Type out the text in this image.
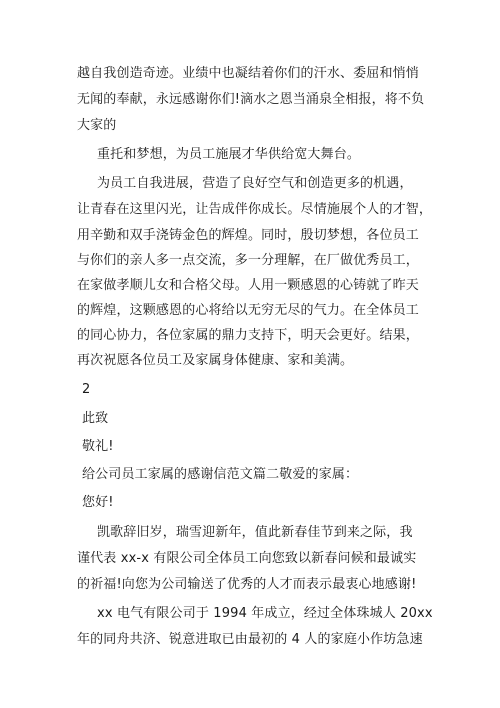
越自我创造奇迹。业绩中也凝结着你们的汗水、委屈和悄悄
无闻的奉献，永远感谢你们!滴水之恩当涌泉全相报，将不负
大家的
重托和梦想，为员工施展才华供给宽大舞台。
为员工自我进展，营造了良好空气和创造更多的机遇，
让青春在这里闪光，让告成伴你成长。尽情施展个人的才智，
用辛勤和双手浇铸金色的辉煌。同时，殷切梦想，各位员工
与你们的亲人多一点交流，多一分理解，在厂做优秀员工，
在家做孝顺儿女和合格父母。人用一颗感恩的心铸就了昨天
的辉煌，这颗感恩的心将给以无穷无尽的气力。在全体员工
的同心协力，各位家属的鼎力支持下，明天会更好。结果，
再次祝愿各位员工及家属身体健康、家和美满。
2
此致
敬礼!
给公司员工家属的感谢信范文篇二敬爱的家属：
您好!
凯歌辞旧岁，瑞雪迎新年，值此新春佳节到来之际，我
谨代表 xx-x 有限公司全体员工向您致以新春问候和最诚实
的祈福!向您为公司输送了优秀的人才而表示最衷心地感谢!
xx 电气有限公司于 1994 年成立，经过全体珠城人 20xx
年的同舟共济、锐意进取已由最初的 4 人的家庭小作坊急速
